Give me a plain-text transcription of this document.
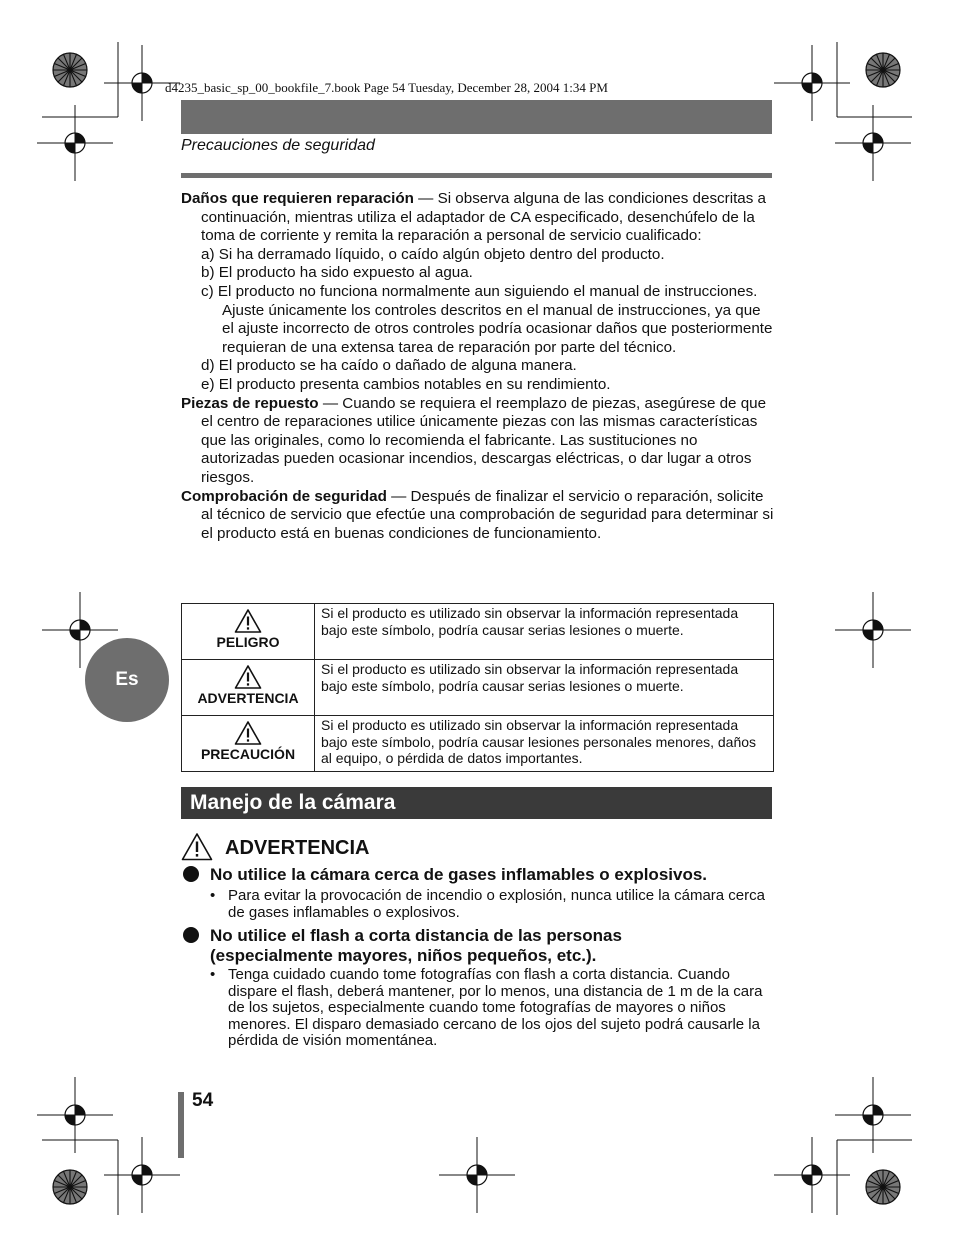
d4235_basic_sp_00_bookfile_7.book Page 54 Tuesday, December 28, 2004 1:34 PM
Precauciones de seguridad

Daños que requieren reparación — Si observa alguna de las condiciones descritas a continuación, mientras utiliza el adaptador de CA especificado, desenchúfelo de la toma de corriente y remita la reparación a personal de servicio cualificado:

a) Si ha derramado líquido, o caído algún objeto dentro del producto.

b) El producto ha sido expuesto al agua.

c) El producto no funciona normalmente aun siguiendo el manual de instrucciones. Ajuste únicamente los controles descritos en el manual de instrucciones, ya que el ajuste incorrecto de otros controles podría ocasionar daños que posteriormente requieran de una extensa tarea de reparación por parte del técnico.

d) El producto se ha caído o dañado de alguna manera.

e) El producto presenta cambios notables en su rendimiento.

Piezas de repuesto — Cuando se requiera el reemplazo de piezas, asegúrese de que el centro de reparaciones utilice únicamente piezas con las mismas características que las originales, como lo recomienda el fabricante. Las sustituciones no autorizadas pueden ocasionar incendios, descargas eléctricas, o dar lugar a otros riesgos.

Comprobación de seguridad — Después de finalizar el servicio o reparación, solicite al técnico de servicio que efectúe una comprobación de seguridad para determinar si el producto está en buenas condiciones de funcionamiento.

PELIGRO	Si el producto es utilizado sin observar la información representada bajo este símbolo, podría causar serias lesiones o muerte.

ADVERTENCIA	Si el producto es utilizado sin observar la información representada bajo este símbolo, podría causar serias lesiones o muerte.

PRECAUCIÓN	Si el producto es utilizado sin observar la información representada bajo este símbolo, podría causar lesiones personales menores, daños al equipo, o pérdida de datos importantes.
Es
Manejo de la cámara
ADVERTENCIA
No utilice la cámara cerca de gases inflamables o explosivos.
• Para evitar la provocación de incendio o explosión, nunca utilice la cámara cerca de gases inflamables o explosivos.
No utilice el flash a corta distancia de las personas (especialmente mayores, niños pequeños, etc.).
• Tenga cuidado cuando tome fotografías con flash a corta distancia. Cuando dispare el flash, deberá mantener, por lo menos, una distancia de 1 m de la cara de los sujetos, especialmente cuando tome fotografías de mayores o niños menores. El disparo demasiado cercano de los ojos del sujeto podrá causarle la pérdida de visión momentánea.
54
